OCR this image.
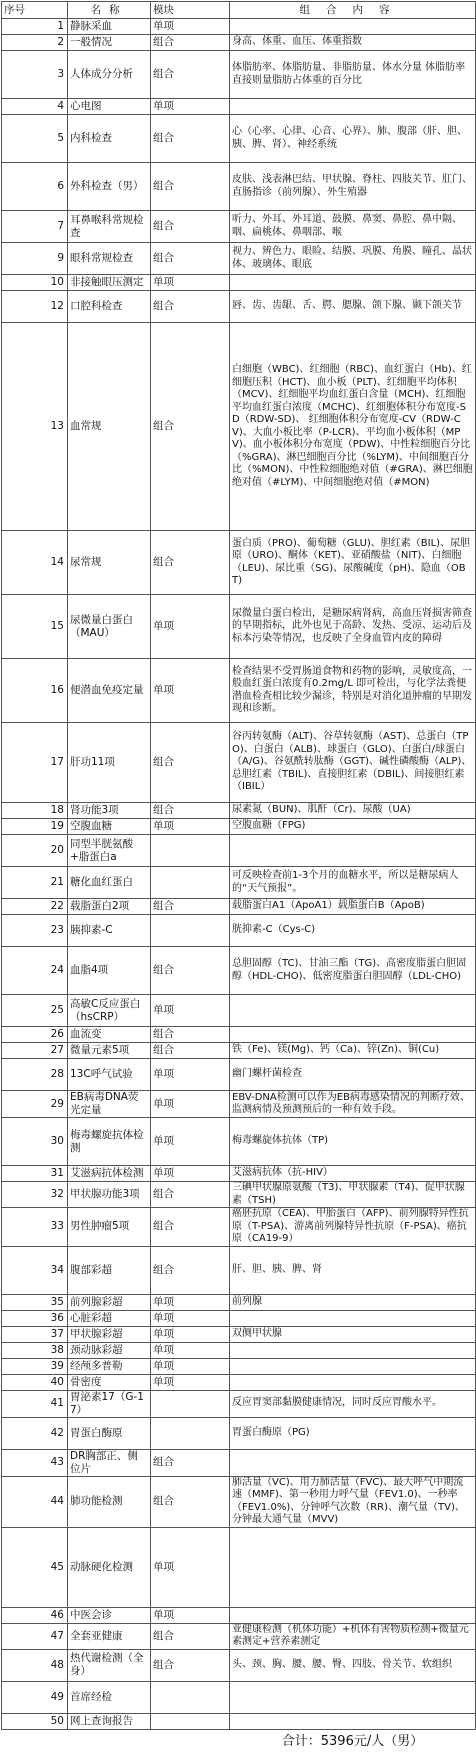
序号	名称	模块	组合内容
1	静脉采血	单项	
2	一般情况	组合	身高、体重、血压、体重指数
3	人体成分分析	组合	体脂肪率、体脂肪量、非脂肪量、体水分量 体脂肪率直接则量脂肪占体重的百分比
4	心电图	单项	
5	内科检查	组合	心（心率、心律、心音、心界）、肺、腹部（肝、胆、胰、脾、肾）、神经系统
6	外科检查（男）	组合	皮肤、浅表淋巴结、甲状腺、脊柱、四肢关节、肛门、直肠指诊（前列腺）、外生殖器
7	耳鼻喉科常规检查	组合	听力、外耳、外耳道、鼓膜、鼻窦、鼻腔、鼻中隔、咽、扁桃体、鼻咽部、喉
9	眼科常规检查	组合	视力、辨色力、眼睑、结膜、巩膜、角膜、瞳孔、晶状体、玻璃体、眼底
10	非接触眼压测定	单项	
12	口腔科检查	组合	唇、齿、齿龈、舌、腭、腮腺、颌下腺、颞下颌关节
13	血常规	组合	白细胞（WBC)、红细胞（RBC)、血红蛋白（Hb)、红细胞压积（HCT)、血小板（PLT)、红细胞平均体积（MCV)、红细胞平均血红蛋白含量（MCH)、红细胞平均血红蛋白浓度（MCHC)、红细胞体积分布宽度-SD（RDW-SD)、 红细胞体积分布宽度-CV（RDW-CV)、大血小板比率（P-LCR)、平均血小板体积（MPV)、血小板体积分布宽度（PDW)、中性粒细胞百分比（%GRA)、淋巴细胞百分比（%LYM)、中间细胞百分比（%MON)、中性粒细胞绝对值（#GRA)、淋巴细胞绝对值（#LYM)、中间细胞绝对值（#MON)
14	尿常规	组合	蛋白质（PRO)、葡萄糖（GLU)、胆红素（BIL)、尿胆原（URO)、酮体（KET)、亚硝酸盐（NIT)、白细胞（LEU)、尿比重（SG)、尿酸碱度（pH)、隐血（OBT)
15	尿微量白蛋白（MAU）	单项	尿微量白蛋白检出，是糖尿病肾病，高血压肾损害筛查的早期指标，此外也见于高龄、发热、受凉、运动后及标本污染等情况，也反映了全身血管内皮的障碍
16	便潜血免疫定量	单项	检查结果不受胃肠道食物和药物的影响，灵敏度高，一般血红蛋白浓度有0.2mg/L 即可检出，与化学法粪便潜血检查相比较少漏诊，特别是对消化道肿瘤的早期发现和诊断。
17	肝功11项	组合	谷丙转氨酶（ALT)、谷草转氨酶（AST)、总蛋白（TPO)、白蛋白（ALB)、球蛋白（GLO)、白蛋白/球蛋白（A/G)、谷氨酰转肽酶（GGT)、碱性磷酸酶（ALP)、总胆红素（TBIL)、直接胆红素（DBIL)、间接胆红素（IBIL）
18	肾功能3项	组合	尿素氮（BUN)、肌酐（Cr)、尿酸（UA)
19	空腹血糖	单项	空腹血糖（FPG)
20	同型半胱氨酸+脂蛋白a		
21	糖化血红蛋白		可反映检查前1-3个月的血糖水平，所以是糖尿病人的“天气预报”。
22	载脂蛋白2项	组合	载脂蛋白A1（ApoA1）载脂蛋白B（ApoB)
23	胰抑素-C		胱抑素-C（Cys-C)
24	血脂4项	组合	总胆固醇（TC)、甘油三酯（TG)、高密度脂蛋白胆固醇（HDL-CHO)、低密度脂蛋白胆固醇（LDL-CHO)
25	高敏C反应蛋白（hsCRP）	单项	
26	血流变	组合	
27	微量元素5项	组合	铁（Fe)、镁(Mg)、钙（Ca)、锌(Zn)、铜(Cu)
28	13C呼气试验	单项	幽门螺杆菌检查
29	EB病毒DNA荧光定量	单项	EBV-DNA检测可以作为EB病毒感染情况的判断疗效、监测病情及预测预后的一种有效手段。
30	梅毒螺旋抗体检测	单项	梅毒螺旋体抗体（TP)
31	艾滋病抗体检测	单项	艾滋病抗体（抗-HIV）
32	甲状腺功能3项	组合	三碘甲状腺原氨酸（T3)、甲状腺素（T4)、促甲状腺素（TSH)
33	男性肿瘤5项	组合	癌胚抗原（CEA)、甲胎蛋白（AFP)、前列腺特异性抗原（T-PSA)、游离前列腺特异性抗原（F-PSA)、癌抗原（CA19-9）
34	腹部彩超	组合	肝、胆、胰、脾、肾
35	前列腺彩超	单项	前列腺
36	心脏彩超	单项	
37	甲状腺彩超	单项	双侧甲状腺
38	颈动脉彩超	单项	
39	经颅多普勒	单项	
40	骨密度	单项	
41	胃泌素17（G-17）		反应胃窦部黏膜健康情况，同时反应胃酸水平。
42	胃蛋白酶原		胃蛋白酶原（PG)
43	DR胸部正、侧位片	组合	
44	肺功能检测	组合	肺活量（VC)、用力肺活量（FVC)、最大呼气中期流速（MMF)、第一秒用力呼气量（FEV1.0)、一秒率（FEV1.0%)、分钟呼气次数（RR)、潮气量（TV)、分钟最大通气量（MVV)
45	动脉硬化检测	单项	
46	中医会诊	单项	
47	全套亚健康	组合	亚健康检测（机体功能）+机体有害物质检测+微量元素测定+营养素测定
48	热代谢检测（全身）	组合	头、颈、胸、腰、腰、臀、四肢、骨关节、软组织
49	首席经检		
50	网上查询报告		
			合计：5396元/人（男）
